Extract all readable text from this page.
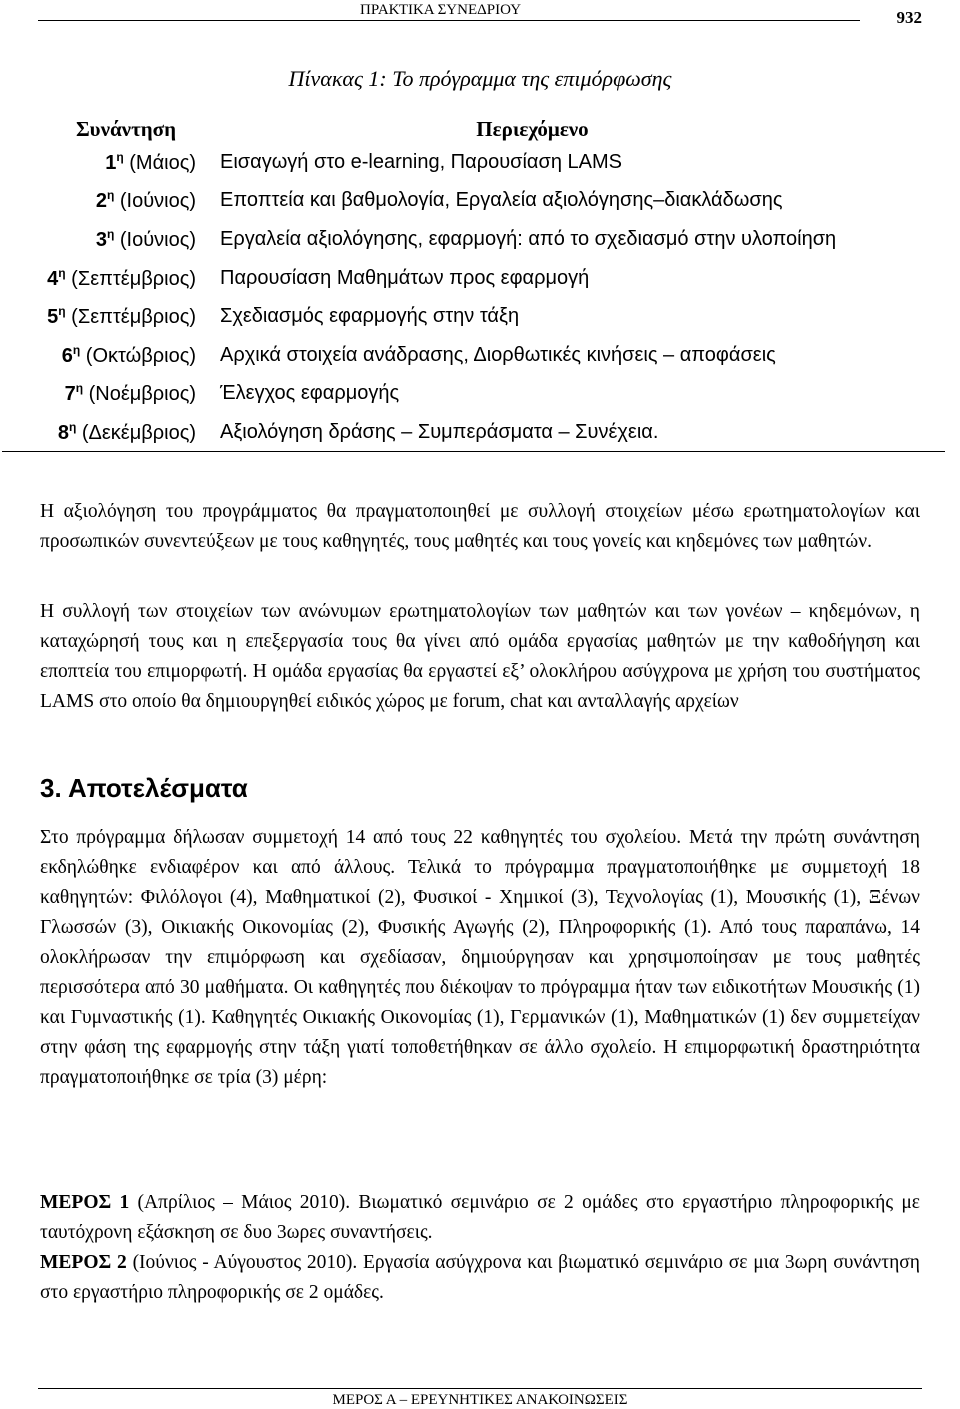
ΠΡΑΚΤΙΚΑ ΣΥΝΕΔΡΙΟΥ	932
Πίνακας 1: Το πρόγραμμα της επιμόρφωσης
Συνάντηση	Περιεχόμενο
$1^\eta$ (Μάιος)	Εισαγωγή στο e-learning, Παρουσίαση LAMS
$2^\eta$ (Ιούνιος)	Εποπτεία και βαθμολογία, Εργαλεία αξιολόγησης‒διακλάδωσης
$3^\eta$ (Ιούνιος)	Εργαλεία αξιολόγησης, εφαρμογή: από το σχεδιασμό στην υλοποίηση
$4^\eta$ (Σεπτέμβριος)	Παρουσίαση Μαθημάτων προς εφαρμογή
$5^\eta$ (Σεπτέμβριος)	Σχεδιασμός εφαρμογής στην τάξη
$6^\eta$ (Οκτώβριος)	Αρχικά στοιχεία ανάδρασης, Διορθωτικές κινήσεις ‒ αποφάσεις
$7^\eta$ (Νοέμβριος)	Έλεγχος εφαρμογής
$8^\eta$ (Δεκέμβριος)	Αξιολόγηση δράσης ‒ Συμπεράσματα ‒ Συνέχεια.

Η αξιολόγηση του προγράμματος θα πραγματοποιηθεί με συλλογή στοιχείων μέσω ερωτηματολογίων και προσωπικών συνεντεύξεων με τους καθηγητές, τους μαθητές και τους γονείς και κηδεμόνες των μαθητών.

Η συλλογή των στοιχείων των ανώνυμων ερωτηματολογίων των μαθητών και των γονέων ‒ κηδεμόνων, η καταχώρησή τους και η επεξεργασία τους θα γίνει από ομάδα εργασίας μαθητών με την καθοδήγηση και εποπτεία του επιμορφωτή. Η ομάδα εργασίας θα εργαστεί εξ’ ολοκλήρου ασύγχρονα με χρήση του συστήματος LAMS στο οποίο θα δημιουργηθεί ειδικός χώρος με forum, chat και ανταλλαγής αρχείων

3. Αποτελέσματα

Στο πρόγραμμα δήλωσαν συμμετοχή 14 από τους 22 καθηγητές του σχολείου. Μετά την πρώτη συνάντηση εκδηλώθηκε ενδιαφέρον και από άλλους. Τελικά το πρόγραμμα πραγματοποιήθηκε με συμμετοχή 18 καθηγητών: Φιλόλογοι (4), Μαθηματικοί (2), Φυσικοί - Χημικοί (3), Τεχνολογίας (1), Μουσικής (1), Ξένων Γλωσσών (3), Οικιακής Οικονομίας (2), Φυσικής Αγωγής (2), Πληροφορικής (1). Από τους παραπάνω, 14 ολοκλήρωσαν την επιμόρφωση και σχεδίασαν, δημιούργησαν και χρησιμοποίησαν με τους μαθητές περισσότερα από 30 μαθήματα. Οι καθηγητές που διέκοψαν το πρόγραμμα ήταν των ειδικοτήτων Μουσικής (1) και Γυμναστικής (1). Καθηγητές Οικιακής Οικονομίας (1), Γερμανικών (1), Μαθηματικών (1) δεν συμμετείχαν στην φάση της εφαρμογής στην τάξη γιατί τοποθετήθηκαν σε άλλο σχολείο. Η επιμορφωτική δραστηριότητα πραγματοποιήθηκε σε τρία (3) μέρη:

ΜΕΡΟΣ 1 (Απρίλιος ‒ Μάιος 2010). Βιωματικό σεμινάριο σε 2 ομάδες στο εργαστήριο πληροφορικής με ταυτόχρονη εξάσκηση σε δυο 3ωρες συναντήσεις.

ΜΕΡΟΣ 2 (Ιούνιος - Αύγουστος 2010). Εργασία ασύγχρονα και βιωματικό σεμινάριο σε μια 3ωρη συνάντηση στο εργαστήριο πληροφορικής σε 2 ομάδες.

ΜΕΡΟΣ Α – ΕΡΕΥΝΗΤΙΚΕΣ ΑΝΑΚΟΙΝΩΣΕΙΣ
